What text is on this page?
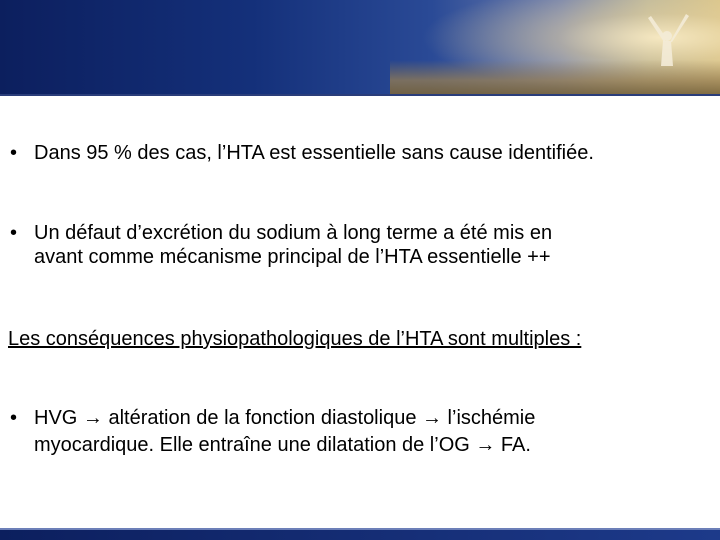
• Dans 95 % des cas, l’HTA est essentielle sans cause identifiée.
• Un défaut d’excrétion du sodium à long terme a été mis en
avant comme mécanisme principal de l’HTA essentielle ++
Les conséquences physiopathologiques de l’HTA sont multiples :
• HVG → altération de la fonction diastolique → l’ischémie
myocardique. Elle entraîne une dilatation de l’OG → FA.
